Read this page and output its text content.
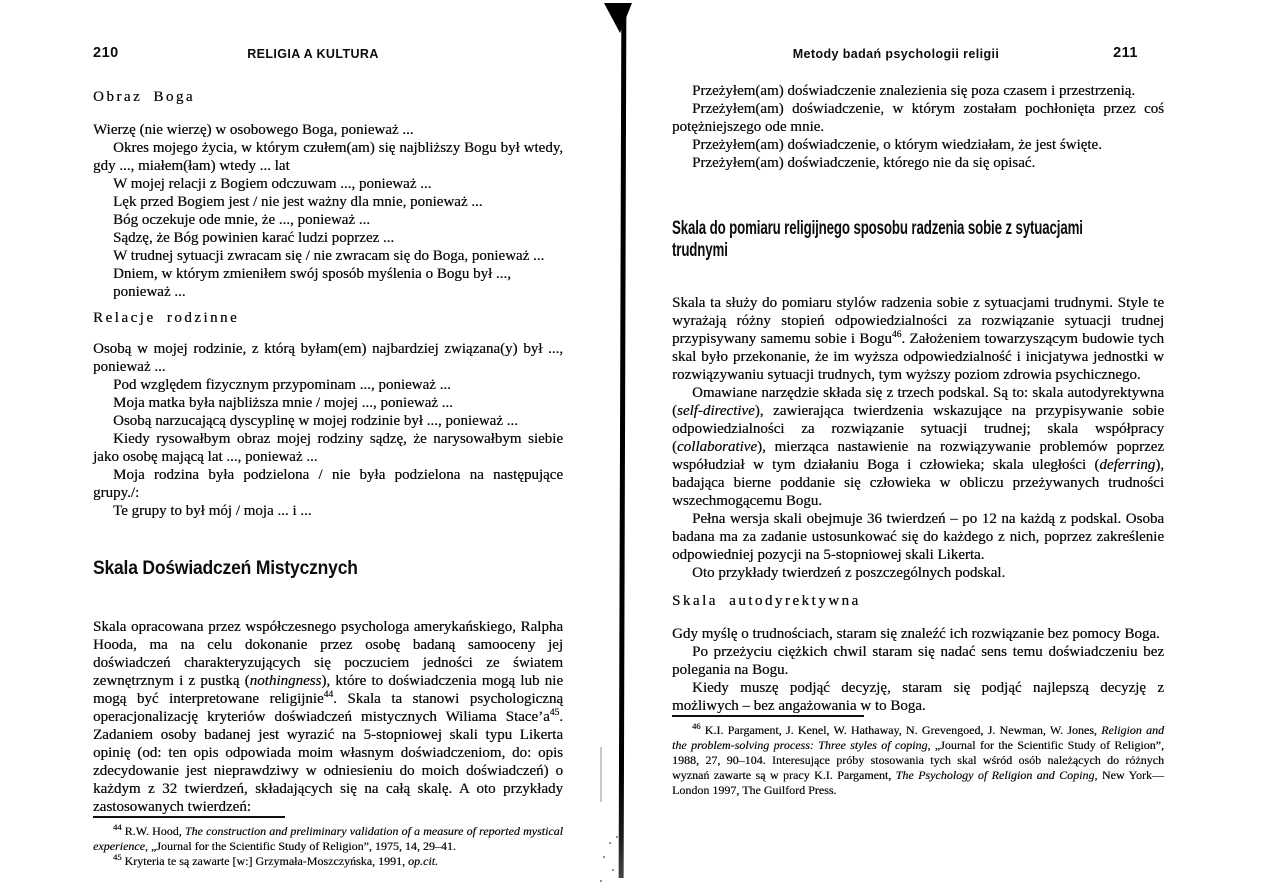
210	RELIGIA A KULTURA
Obraz Boga

Wierzę (nie wierzę) w osobowego Boga, ponieważ ...

Okres mojego życia, w którym czułem(am) się najbliższy Bogu był wtedy, gdy ..., miałem(łam) wtedy ... lat

W mojej relacji z Bogiem odczuwam ..., ponieważ ...

Lęk przed Bogiem jest / nie jest ważny dla mnie, ponieważ ...

Bóg oczekuje ode mnie, że ..., ponieważ ...

Sądzę, że Bóg powinien karać ludzi poprzez ...

W trudnej sytuacji zwracam się / nie zwracam się do Boga, ponieważ ...

Dniem, w którym zmieniłem swój sposób myślenia o Bogu był ...,

ponieważ ...

Relacje rodzinne

Osobą w mojej rodzinie, z którą byłam(em) najbardziej związana(y) był ..., ponieważ ...

Pod względem fizycznym przypominam ..., ponieważ ...

Moja matka była najbliższa mnie / mojej ..., ponieważ ...

Osobą narzucającą dyscyplinę w mojej rodzinie był ..., ponieważ ...

Kiedy rysowałbym obraz mojej rodziny sądzę, że narysowałbym siebie jako osobę mającą lat ..., ponieważ ...

Moja rodzina była podzielona / nie była podzielona na następujące grupy./:

Te grupy to był mój / moja ... i ...

Skala Doświadczeń Mistycznych

Skala opracowana przez współczesnego psychologa amerykańskiego, Ralpha Hooda, ma na celu dokonanie przez osobę badaną samooceny jej doświadczeń charakteryzujących się poczuciem jedności ze światem zewnętrznym i z pustką (nothingness), które to doświadczenia mogą lub nie mogą być interpretowane religijnie$^{44}$. Skala ta stanowi psychologiczną operacjonalizację kryteriów doświadczeń mistycznych Wiliama $Stace’a^{45}$. Zadaniem osoby badanej jest wyrazić na 5-stopniowej skali typu Likerta opinię (od: ten opis odpowiada moim własnym doświadczeniom, do: opis zdecydowanie jest nieprawdziwy w odniesieniu do moich doświadczeń) o każdym z 32 twierdzeń, składających się na całą skalę. A oto przykłady zastosowanych twierdzeń:

$^{44}$ R.W. Hood, The construction and preliminary validation of a measure of reported mystical experience, „Journal for the Scientific Study of Religion”, 1975, 14, 29–41.

$^{45}$ Kryteria te są zawarte [w:] Grzymała-Moszczyńska, 1991, op.cit.

Metody badań psychologii religii	211

Przeżyłem(am) doświadczenie znalezienia się poza czasem i przestrzenią.

Przeżyłem(am) doświadczenie, w którym zostałam pochłonięta przez coś potężniejszego ode mnie.

Przeżyłem(am) doświadczenie, o którym wiedziałam, że jest święte.

Przeżyłem(am) doświadczenie, którego nie da się opisać.

Skala do pomiaru religijnego sposobu radzenia sobie z sytuacjami
trudnymi

Skala ta służy do pomiaru stylów radzenia sobie z sytuacjami trudnymi. Style te wyrażają różny stopień odpowiedzialności za rozwiązanie sytuacji trudnej przypisywany samemu sobie i Bogu$^{46}$. Założeniem towarzyszącym budowie tych skal było przekonanie, że im wyższa odpowiedzialność i inicjatywa jednostki w rozwiązywaniu sytuacji trudnych, tym wyższy poziom zdrowia psychicznego.

Omawiane narzędzie składa się z trzech podskal. Są to: skala autodyrektywna (self-directive), zawierająca twierdzenia wskazujące na przypisywanie sobie odpowiedzialności za rozwiązanie sytuacji trudnej; skala współpracy (collaborative), mierząca nastawienie na rozwiązywanie problemów poprzez współudział w tym działaniu Boga i człowieka; skala uległości (deferring), badająca bierne poddanie się człowieka w obliczu przeżywanych trudności wszechmogącemu Bogu.

Pełna wersja skali obejmuje 36 twierdzeń – po 12 na każdą z podskal. Osoba badana ma za zadanie ustosunkować się do każdego z nich, poprzez zakreślenie odpowiedniej pozycji na 5-stopniowej skali Likerta.

Oto przykłady twierdzeń z poszczególnych podskal.

Skala autodyrektywna

Gdy myślę o trudnościach, staram się znaleźć ich rozwiązanie bez pomocy Boga.

Po przeżyciu ciężkich chwil staram się nadać sens temu doświadczeniu bez polegania na Bogu.

Kiedy muszę podjąć decyzję, staram się podjąć najlepszą decyzję z możliwych – bez angażowania w to Boga.

$^{46}$ K.I. Pargament, J. Kenel, W. Hathaway, N. Grevengoed, J. Newman, W. Jones, Religion and the problem-solving process: Three styles of coping, „Journal for the Scientific Study of Religion”, 1988, 27, 90–104. Interesujące próby stosowania tych skal wśród osób należących do różnych wyznań zawarte są w pracy K.I. Pargament, The Psychology of Religion and Coping, New York––London 1997, The Guilford Press.
